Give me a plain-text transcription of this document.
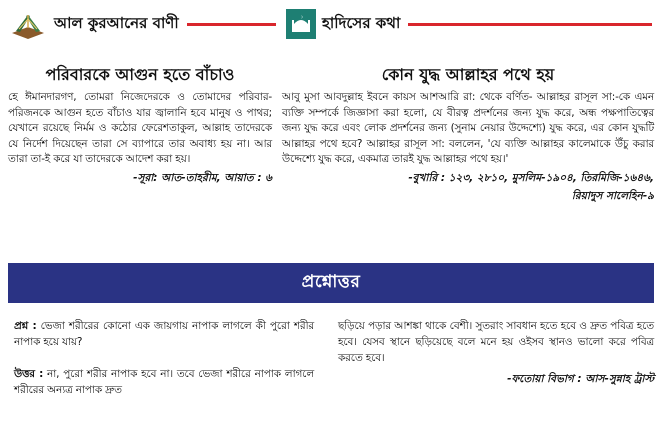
আল কুরআনের বাণী	হাদিসের কথা
পরিবারকে আগুন হতে বাঁচাও

হে ঈমানদারগণ, তোমরা নিজেদেরকে ও তোমাদের পরিবার-পরিজনকে আগুন হতে বাঁচাও যার জ্বালানি হবে মানুষ ও পাথর; যেখানে রয়েছে নির্মম ও কঠোর ফেরেশতাকুল, আল্লাহ তাদেরকে যে নির্দেশ দিয়েছেন তারা সে ব্যাপারে তার অবাধ্য হয় না। আর তারা তা-ই করে যা তাদেরকে আদেশ করা হয়।

-সূরা: আত-তাহরীম, আয়াত : ৬
কোন যুদ্ধ আল্লাহর পথে হয়

আবু মুসা আবদুল্লাহ ইবনে কায়স আশআরি রা: থেকে বর্ণিত- আল্লাহর রাসূল সা:-কে এমন ব্যক্তি সম্পর্কে জিজ্ঞাসা করা হলো, যে বীরত্ব প্রদর্শনের জন্য যুদ্ধ করে, অন্ধ পক্ষপাতিত্বের জন্য যুদ্ধ করে এবং লোক প্রদর্শনের জন্য (সুনাম নেয়ার উদ্দেশ্যে) যুদ্ধ করে, এর কোন যুদ্ধটি আল্লাহর পথে হবে? আল্লাহর রাসূল সা: বললেন, 'যে ব্যক্তি আল্লাহর কালেমাকে উঁচু করার উদ্দেশ্যে যুদ্ধ করে, একমাত্র তারই যুদ্ধ আল্লাহর পথে হয়।'

-বুখারি : ১২৩, ২৮১০, মুসলিম-১৯০৪, তিরমিজি-১৬৪৬,
রিয়াদুস সালেহিন-৯
প্রশ্নোত্তর

প্রশ্ন : ভেজা শরীরের কোনো এক জায়গায় নাপাক লাগলে কী পুরো শরীর নাপাক হয়ে যায়?

উত্তর : না, পুরো শরীর নাপাক হবে না। তবে ভেজা শরীরে নাপাক লাগলে শরীরের অন্যত্র নাপাক দ্রুত

ছড়িয়ে পড়ার আশঙ্কা থাকে বেশী। সুতরাং সাবধান হতে হবে ও দ্রুত পবিত্র হতে হবে। যেসব স্থানে ছড়িয়েছে বলে মনে হয় ওইসব স্থানও ভালো করে পবিত্র করতে হবে।

-ফতোয়া বিভাগ : আস-সুন্নাহ ট্রাস্ট
